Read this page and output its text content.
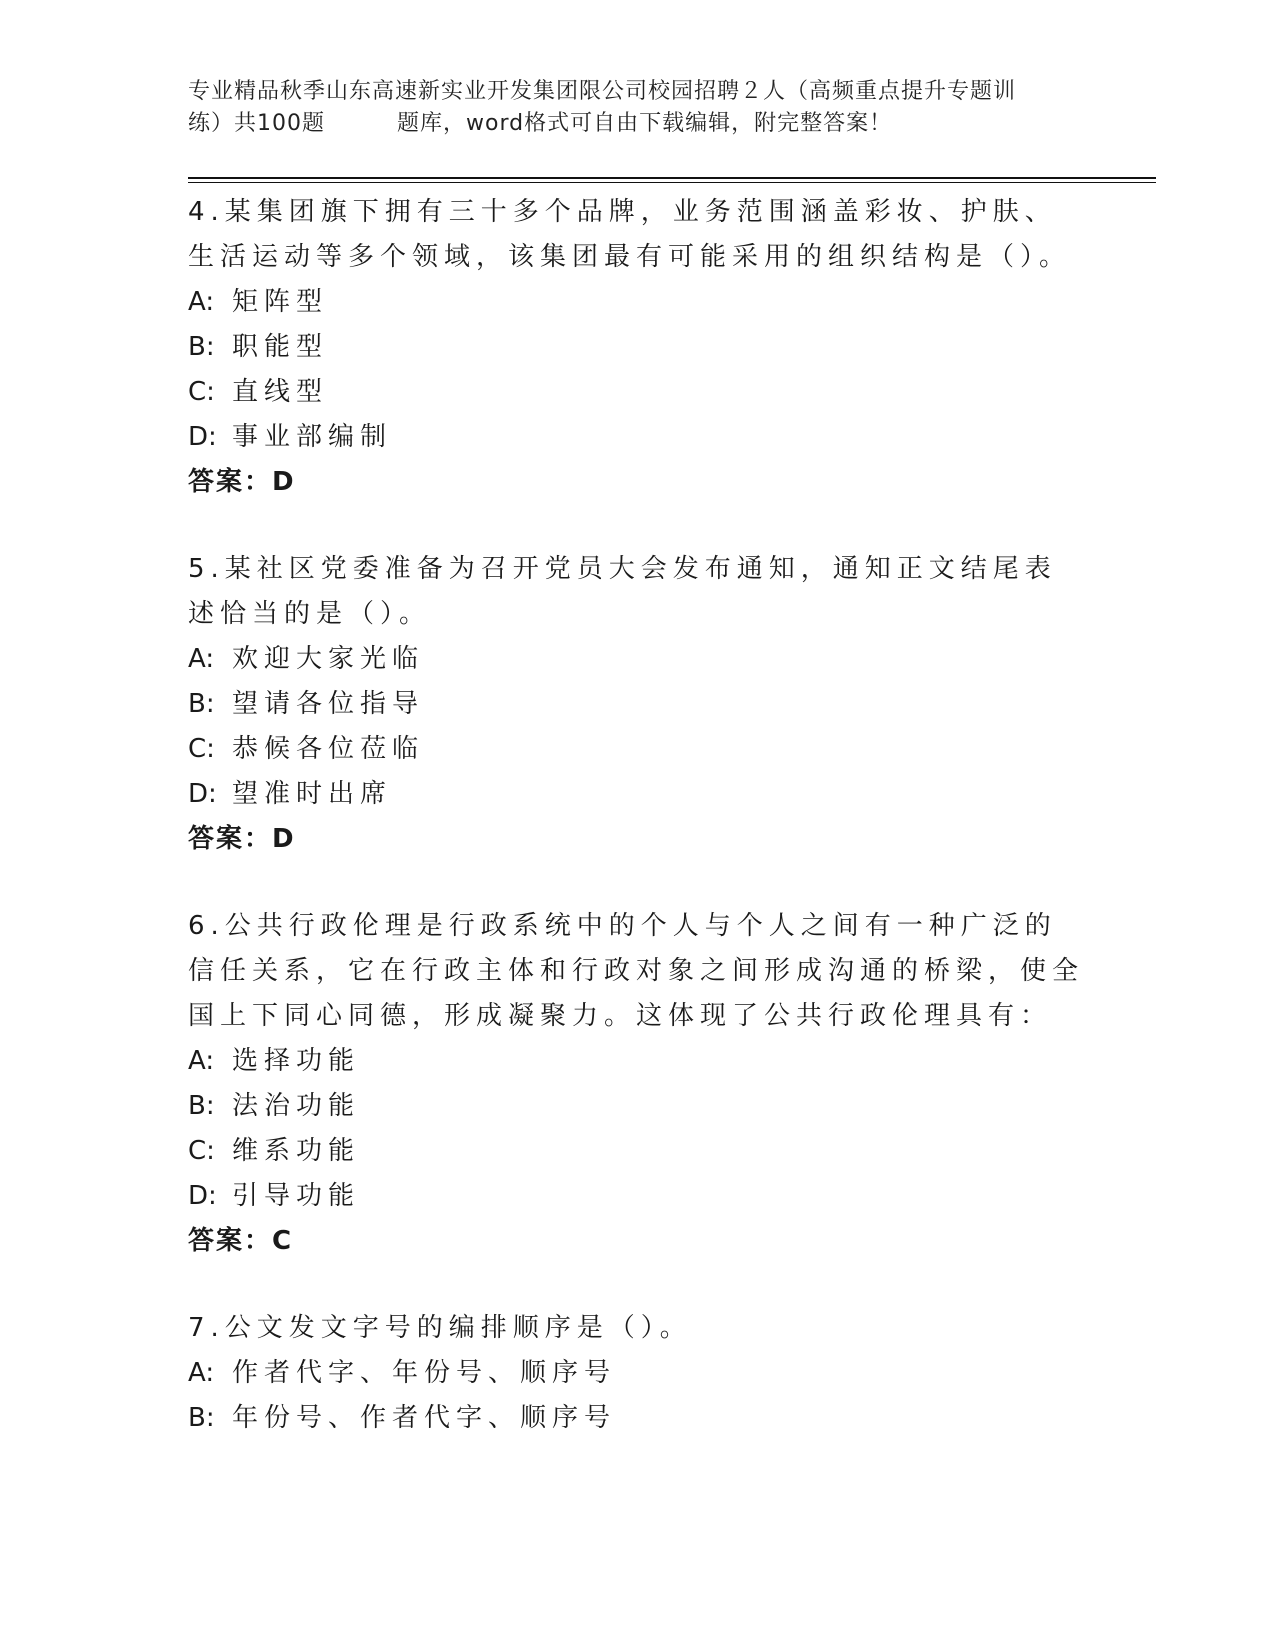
专业精品秋季山东高速新实业开发集团限公司校园招聘２人（高频重点提升专题训
练）共100题	题库，word格式可自由下载编辑，附完整答案！

4.某集团旗下拥有三十多个品牌，业务范围涵盖彩妆、护肤、生活运动等多个领域，该集团最有可能采用的组织结构是（）。

A: 矩阵型

B: 职能型

C: 直线型

D: 事业部编制

答案：D

5.某社区党委准备为召开党员大会发布通知，通知正文结尾表述恰当的是（）。

A: 欢迎大家光临

B: 望请各位指导

C: 恭候各位莅临

D: 望准时出席

答案：D

6.公共行政伦理是行政系统中的个人与个人之间有一种广泛的信任关系，它在行政主体和行政对象之间形成沟通的桥梁，使全国上下同心同德，形成凝聚力。这体现了公共行政伦理具有：

A: 选择功能

B: 法治功能

C: 维系功能

D: 引导功能

答案：C

7.公文发文字号的编排顺序是（）。

A: 作者代字、年份号、顺序号

B: 年份号、作者代字、顺序号
